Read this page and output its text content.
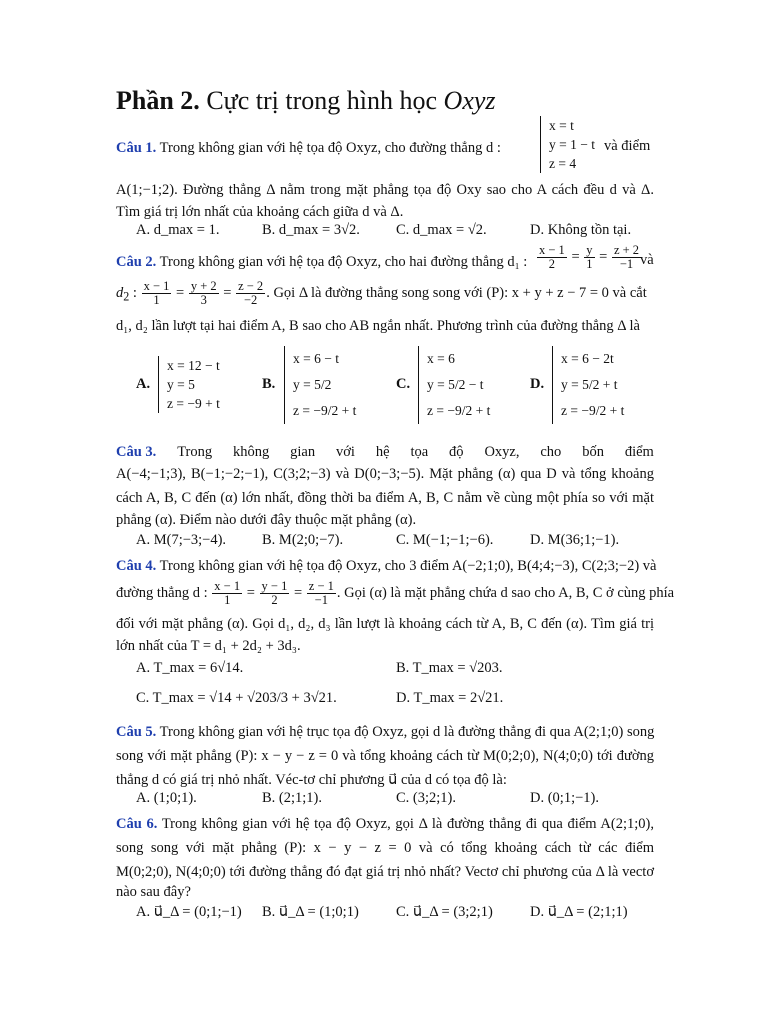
Phần 2. Cực trị trong hình học Oxyz
Câu 1. Trong không gian với hệ tọa độ Oxyz, cho đường thẳng d :
x = t
y = 1 − t
z = 4
và điểm
A(1;−1;2). Đường thẳng Δ nằm trong mặt phẳng tọa độ Oxy sao cho A cách đều d và Δ.
Tìm giá trị lớn nhất của khoảng cách giữa d và Δ.
A. d_max = 1.	B. d_max = 3√2. C. d_max = √2.	D. Không tồn tại.
Câu 2. Trong không gian với hệ tọa độ Oxyz, cho hai đường thẳng d₁ : $\frac{x - 1}{2} = \frac{y}{1} = \frac{z + 2}{-1}$
và
$d_2$ : $\frac{x - 1}{1} = \frac{y + 2}{3} = \frac{z - 2}{-2}$ . Gọi Δ là đường thẳng song song với (P): x + y + z − 7 = 0 và cắt
d₁, d₂ lần lượt tại hai điểm A, B sao cho AB ngắn nhất. Phương trình của đường thẳng Δ là
A.
x = 12 − t
y = 5
z = −9 + t
B.
x = 6 − t
y = 5/2
z = −9/2 + t
C.
x = 6
y = 5/2 − t
z = −9/2 + t
D.
x = 6 − 2t
y = 5/2 + t
z = −9/2 + t
Câu 3. Trong không gian với hệ tọa độ Oxyz, cho bốn điểm
A(−4;−1;3), B(−1;−2;−1), C(3;2;−3) và D(0;−3;−5). Mặt phẳng (α) qua D và tổng khoảng
cách A, B, C đến (α) lớn nhất, đồng thời ba điểm A, B, C nằm về cùng một phía so với mặt
phẳng (α). Điểm nào dưới đây thuộc mặt phẳng (α).
A. M(7;−3;−4). B. M(2;0;−7).	C. M(−1;−1;−6).	D. M(36;1;−1).
Câu 4. Trong không gian với hệ tọa độ Oxyz, cho 3 điểm A(−2;1;0), B(4;4;−3), C(2;3;−2) và
đường thẳng d : $\frac{x - 1}{1} = \frac{y - 1}{2} = \frac{z - 1}{-1}$ . Gọi (α) là mặt phẳng chứa d sao cho A, B, C ở cùng phía
đối với mặt phẳng (α). Gọi d₁, d₂, d₃ lần lượt là khoảng cách từ A, B, C đến (α). Tìm giá trị
lớn nhất của T = d₁ + 2d₂ + 3d₃.
A. T_max = 6√14.	B. T_max = √203.
C. T_max = √14 + √203/3 + 3√21.	D. T_max = 2√21.
Câu 5. Trong không gian với hệ trục tọa độ Oxyz, gọi d là đường thẳng đi qua A(2;1;0) song
song với mặt phẳng (P): x − y − z = 0 và tổng khoảng cách từ M(0;2;0), N(4;0;0) tới đường
thẳng d có giá trị nhỏ nhất. Véc-tơ chỉ phương u⃗ của d có tọa độ là:
A. (1;0;1).	B. (2;1;1).	C. (3;2;1).	D. (0;1;−1).
Câu 6. Trong không gian với hệ tọa độ Oxyz, gọi Δ là đường thẳng đi qua điểm A(2;1;0),
song song với mặt phẳng (P): x − y − z = 0 và có tổng khoảng cách từ các điểm
M(0;2;0), N(4;0;0) tới đường thẳng đó đạt giá trị nhỏ nhất? Vectơ chỉ phương của Δ là vectơ
nào sau đây?
A. u⃗_Δ = (0;1;−1) B. u⃗_Δ = (1;0;1)	C. u⃗_Δ = (3;2;1)	D. u⃗_Δ = (2;1;1)
